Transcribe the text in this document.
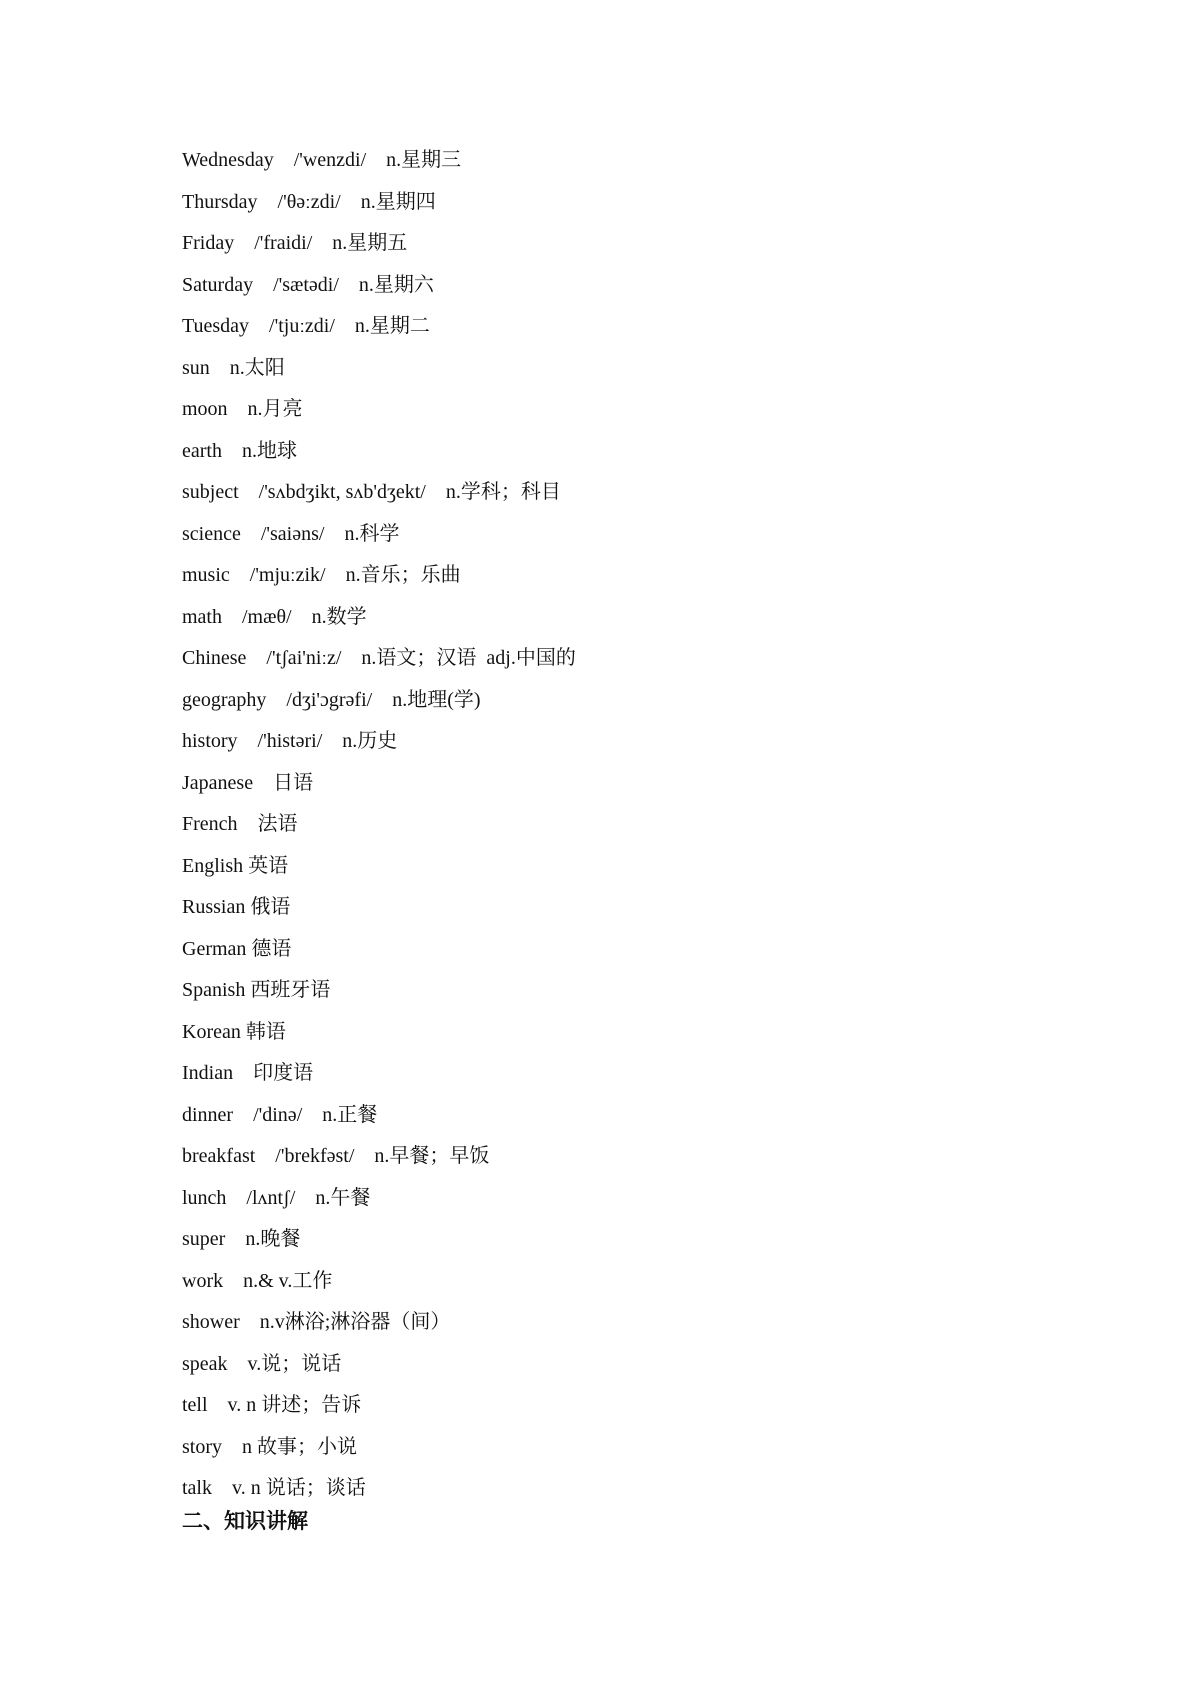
Wednesday    /'wenzdi/    n.星期三
Thursday    /'θəːzdi/    n.星期四
Friday    /'fraidi/    n.星期五
Saturday    /'sætədi/    n.星期六
Tuesday    /'tjuːzdi/    n.星期二
sun    n.太阳
moon    n.月亮
earth    n.地球
subject    /'sʌbdʒikt, sʌb'dʒekt/    n.学科；科目
science    /'saiəns/    n.科学
music    /'mjuːzik/    n.音乐；乐曲
math    /mæθ/    n.数学
Chinese    /'tʃai'niːz/    n.语文；汉语  adj.中国的
geography    /dʒi'ɔgrəfi/    n.地理(学)
history    /'histəri/    n.历史
Japanese    日语
French    法语
English 英语
Russian 俄语
German 德语
Spanish 西班牙语
Korean 韩语
Indian    印度语
dinner    /'dinə/    n.正餐
breakfast    /'brekfəst/    n.早餐；早饭
lunch    /lʌntʃ/    n.午餐
super    n.晚餐
work    n.& v.工作
shower    n.v淋浴;淋浴器（间）
speak    v.说；说话
tell    v. n 讲述；告诉
story    n 故事；小说
talk    v. n 说话；谈话
二、知识讲解
